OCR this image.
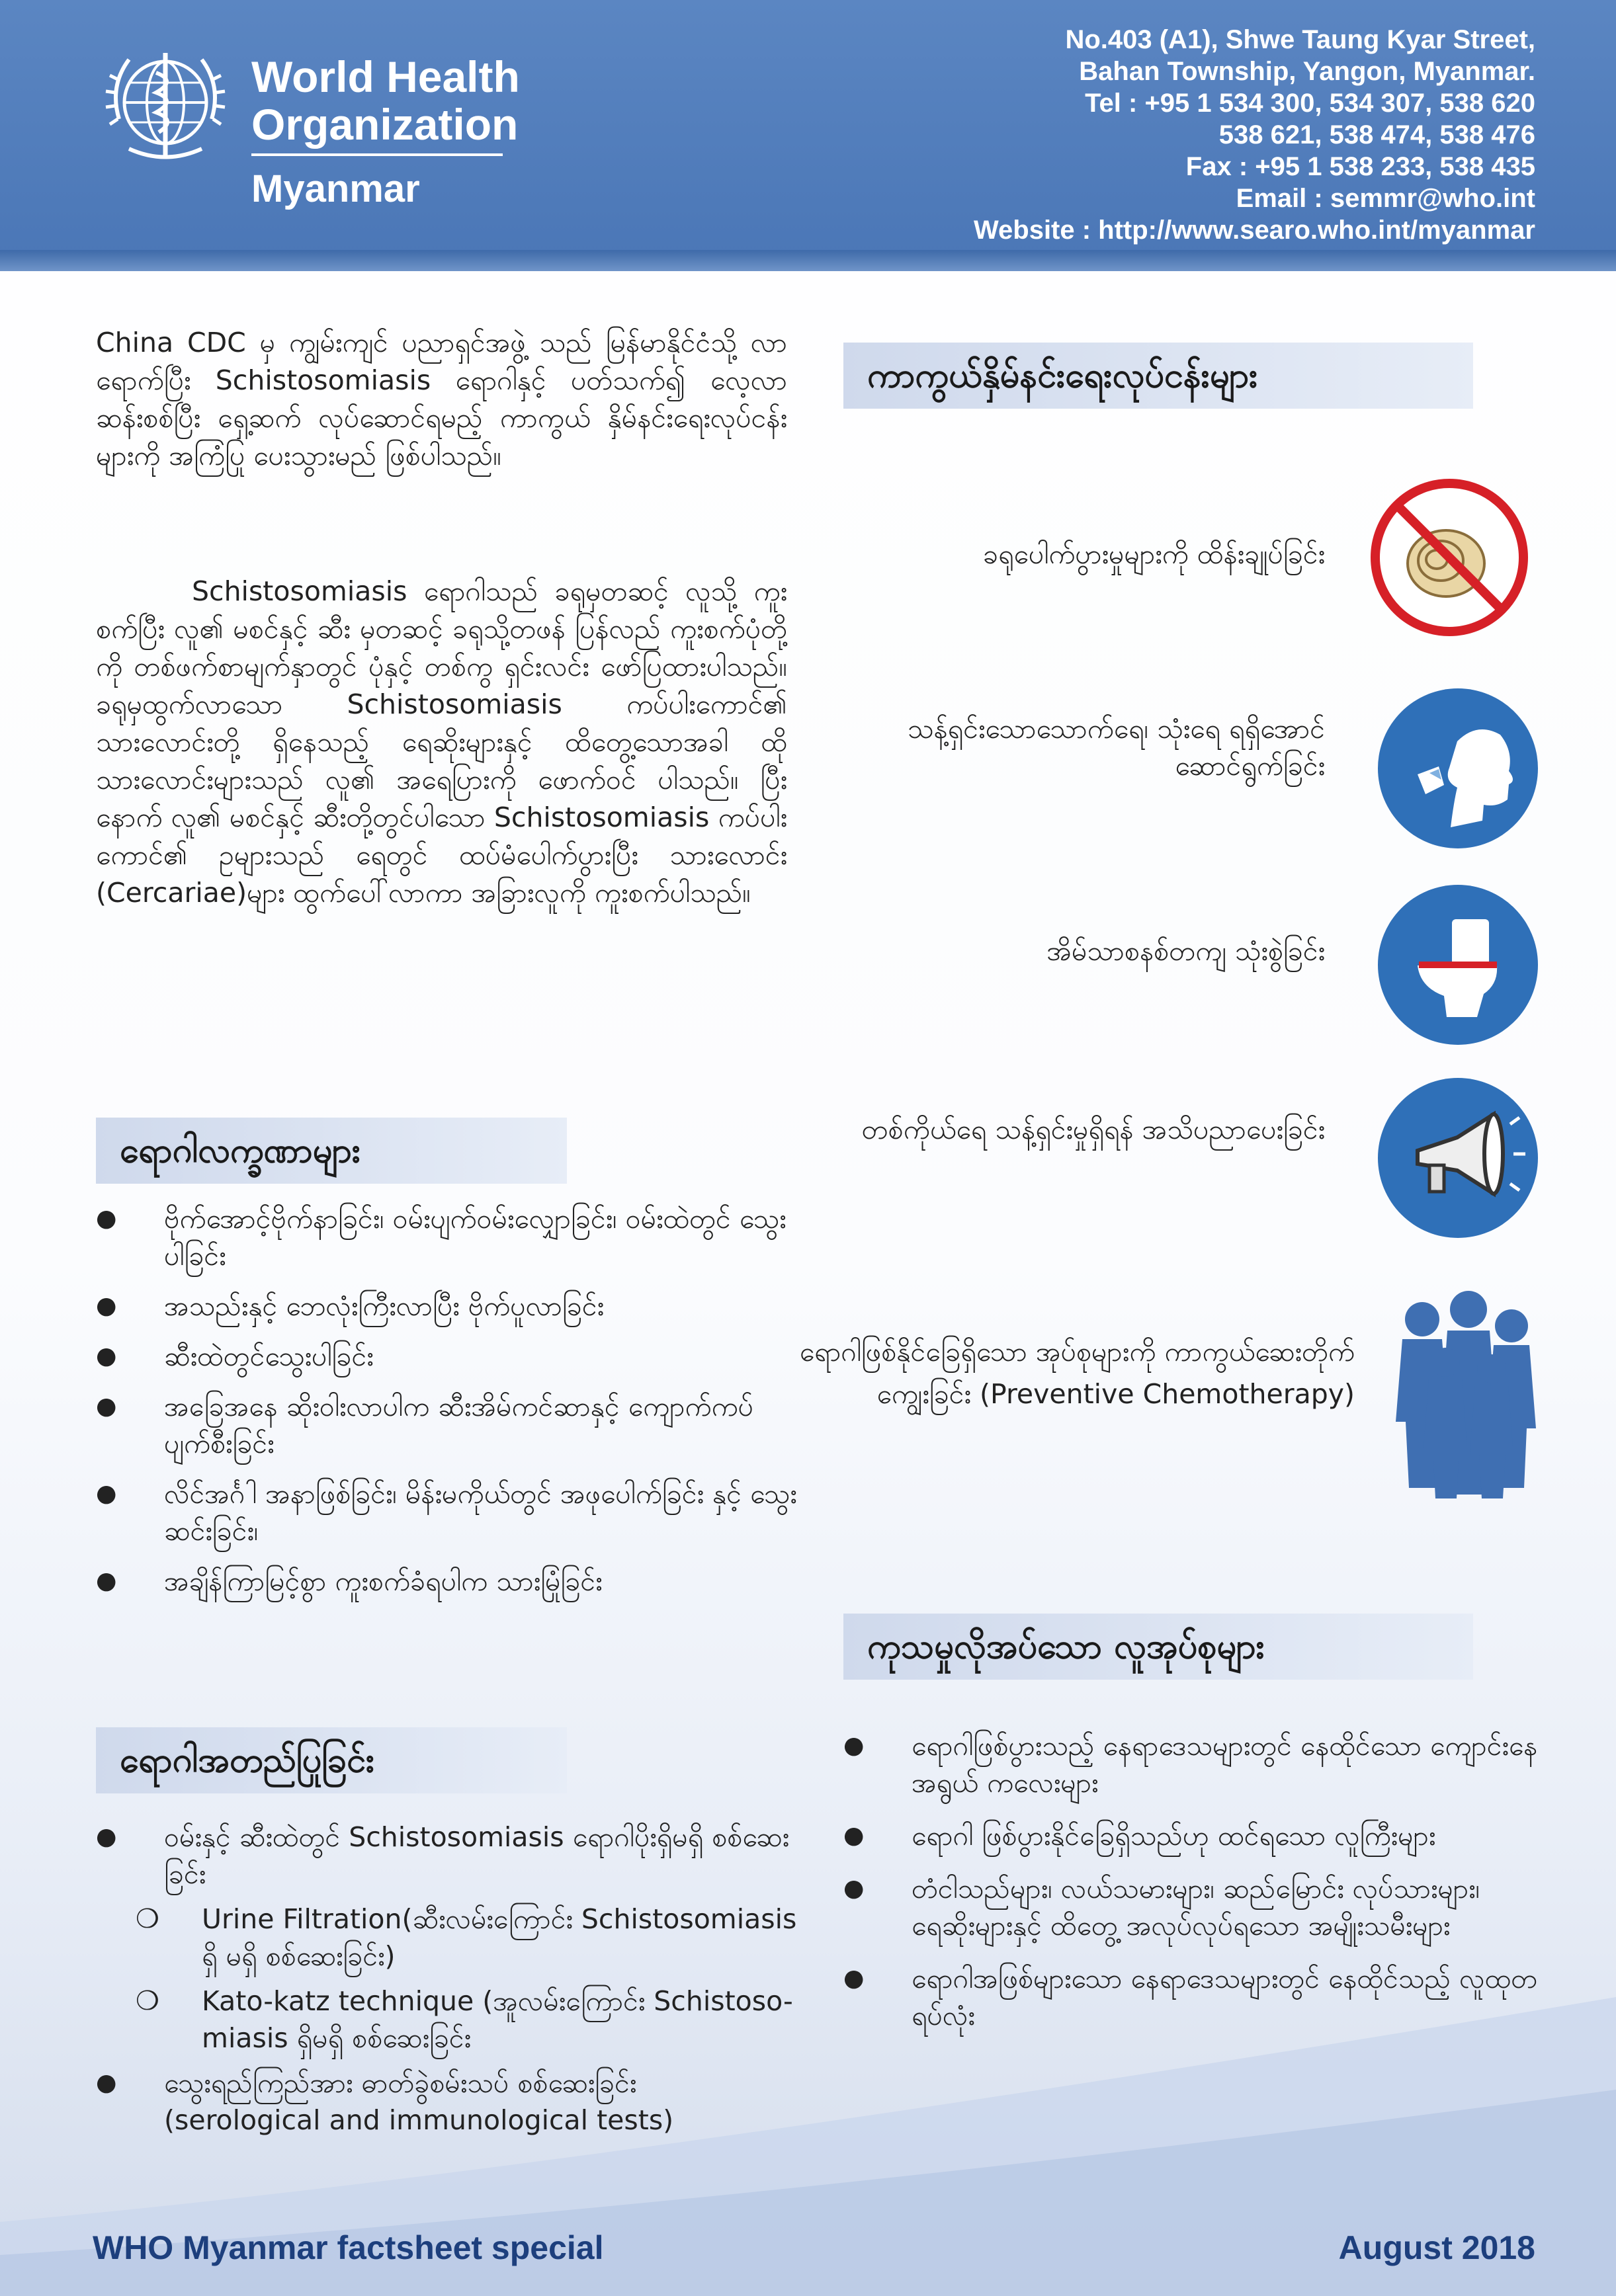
World Health
Organization
Myanmar
No.403 (A1), Shwe Taung Kyar Street,
Bahan Township, Yangon, Myanmar.
Tel : +95 1 534 300, 534 307, 538 620
538 621, 538 474, 538 476
Fax : +95 1 538 233, 538 435
Email : semmr@who.int
Website : http://www.searo.who.int/myanmar
China CDC မှ ကျွမ်းကျင် ပညာရှင်အဖွဲ့ သည် မြန်မာနိုင်ငံသို့ လာရောက်ပြီး Schistosomiasis ရောဂါနှင့် ပတ်သက်၍ လေ့လာ ဆန်းစစ်ပြီး ရှေ့ဆက် လုပ်ဆောင်ရမည့် ကာကွယ် နှိမ်နင်းရေးလုပ်ငန်းများကို အကြံပြု ပေးသွားမည် ဖြစ်ပါသည်။
Schistosomiasis ရောဂါသည် ခရုမှတဆင့် လူသို့ ကူးစက်ပြီး လူ၏ မစင်နှင့် ဆီး မှတဆင့် ခရုသို့တဖန် ပြန်လည် ကူးစက်ပုံတို့ကို တစ်ဖက်စာမျက်နှာတွင် ပုံနှင့် တစ်ကွ ရှင်းလင်း ဖော်ပြထားပါသည်။ ခရုမှထွက်လာသော Schistosomiasis ကပ်ပါးကောင်၏ သားလောင်းတို့ ရှိနေသည့် ရေဆိုးများနှင့် ထိတွေ့သောအခါ ထိုသားလောင်းများသည် လူ၏ အရေပြားကို ဖောက်ဝင် ပါသည်။ ပြီးနောက် လူ၏ မစင်နှင့် ဆီးတို့တွင်ပါသော Schistosomiasis ကပ်ပါးကောင်၏ ဥများသည် ရေတွင် ထပ်မံပေါက်ပွားပြီး သားလောင်း (Cercariae)များ ထွက်ပေါ်လာကာ အခြားလူကို ကူးစက်ပါသည်။
ရောဂါလက္ခဏာများ
● ဗိုက်အောင့်ဗိုက်နာခြင်း၊ ဝမ်းပျက်ဝမ်းလျှောခြင်း၊ ဝမ်းထဲတွင် သွေးပါခြင်း
● အသည်းနှင့် ဘေလုံးကြီးလာပြီး ဗိုက်ပူလာခြင်း
● ဆီးထဲတွင်သွေးပါခြင်း
● အခြေအနေ ဆိုးဝါးလာပါက ဆီးအိမ်ကင်ဆာနှင့် ကျောက်ကပ် ပျက်စီးခြင်း
● လိင်အင်္ဂါ အနာဖြစ်ခြင်း၊ မိန်းမကိုယ်တွင် အဖုပေါက်ခြင်း နှင့် သွေးဆင်းခြင်း၊
● အချိန်ကြာမြင့်စွာ ကူးစက်ခံရပါက သားမြုံခြင်း
ရောဂါအတည်ပြုခြင်း
● ဝမ်းနှင့် ဆီးထဲတွင် Schistosomiasis ရောဂါပိုးရှိမရှိ စစ်ဆေးခြင်း
❍ Urine Filtration(ဆီးလမ်းကြောင်း Schistosomiasis ရှိ မရှိ စစ်ဆေးခြင်း)
❍ Kato-katz technique (အူလမ်းကြောင်း Schistoso-miasis ရှိမရှိ စစ်ဆေးခြင်း
● သွေးရည်ကြည်အား ဓာတ်ခွဲစမ်းသပ် စစ်ဆေးခြင်း (serological and immunological tests)
ကာကွယ်နှိမ်နင်းရေးလုပ်ငန်းများ
ခရုပေါက်ပွားမှုများကို ထိန်းချုပ်ခြင်း
သန့်ရှင်းသောသောက်ရေ၊ သုံးရေ ရရှိအောင် ဆောင်ရွက်ခြင်း
အိမ်သာစနစ်တကျ သုံးစွဲခြင်း
တစ်ကိုယ်ရေ သန့်ရှင်းမှုရှိရန် အသိပညာပေးခြင်း
ရောဂါဖြစ်နိုင်ခြေရှိသော အုပ်စုများကို ကာကွယ်ဆေးတိုက်ကျွေးခြင်း (Preventive Chemotherapy)
ကုသမှုလိုအပ်သော လူအုပ်စုများ
● ရောဂါဖြစ်ပွားသည့် နေရာဒေသများတွင် နေထိုင်သော ကျောင်းနေအရွယ် ကလေးများ
● ရောဂါ ဖြစ်ပွားနိုင်ခြေရှိသည်ဟု ထင်ရသော လူကြီးများ
● တံငါသည်များ၊ လယ်သမားများ၊ ဆည်မြောင်း လုပ်သားများ၊ ရေဆိုးများနှင့် ထိတွေ့ အလုပ်လုပ်ရသော အမျိုးသမီးများ
● ရောဂါအဖြစ်များသော နေရာဒေသများတွင် နေထိုင်သည့် လူထုတရပ်လုံး
WHO Myanmar factsheet special	August 2018
